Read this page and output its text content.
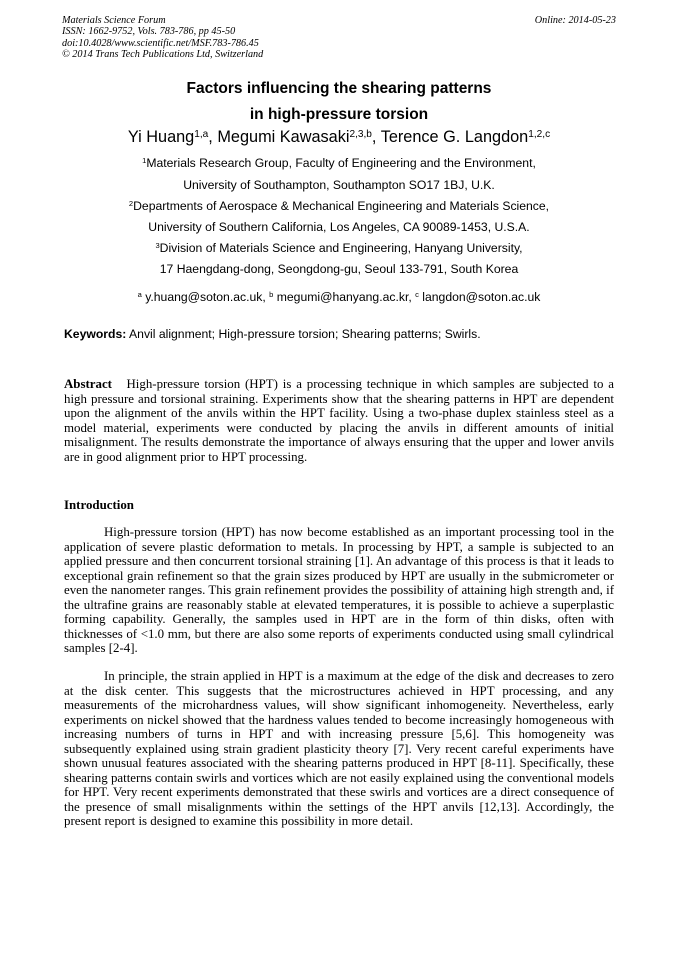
Materials Science Forum
ISSN: 1662-9752, Vols. 783-786, pp 45-50
doi:10.4028/www.scientific.net/MSF.783-786.45
© 2014 Trans Tech Publications Ltd, Switzerland
Online: 2014-05-23
Factors influencing the shearing patterns
in high-pressure torsion
Yi Huang$^{1,a}$, Megumi Kawasaki$^{2,3,b}$, Terence G. Langdon$^{1,2,c}$
$^1$Materials Research Group, Faculty of Engineering and the Environment,
University of Southampton, Southampton SO17 1BJ, U.K.
$^2$Departments of Aerospace & Mechanical Engineering and Materials Science,
University of Southern California, Los Angeles, CA 90089-1453, U.S.A.
$^3$Division of Materials Science and Engineering, Hanyang University,
17 Haengdang-dong, Seongdong-gu, Seoul 133-791, South Korea
$^a$ y.huang@soton.ac.uk, $^b$ megumi@hanyang.ac.kr, $^c$ langdon@soton.ac.uk
Keywords: Anvil alignment; High-pressure torsion; Shearing patterns; Swirls.

Abstract High-pressure torsion (HPT) is a processing technique in which samples are subjected to a high pressure and torsional straining. Experiments show that the shearing patterns in HPT are dependent upon the alignment of the anvils within the HPT facility. Using a two-phase duplex stainless steel as a model material, experiments were conducted by placing the anvils in different amounts of initial misalignment. The results demonstrate the importance of always ensuring that the upper and lower anvils are in good alignment prior to HPT processing.

Introduction

High-pressure torsion (HPT) has now become established as an important processing tool in the application of severe plastic deformation to metals. In processing by HPT, a sample is subjected to an applied pressure and then concurrent torsional straining [1]. An advantage of this process is that it leads to exceptional grain refinement so that the grain sizes produced by HPT are usually in the submicrometer or even the nanometer ranges. This grain refinement provides the possibility of attaining high strength and, if the ultrafine grains are reasonably stable at elevated temperatures, it is possible to achieve a superplastic forming capability. Generally, the samples used in HPT are in the form of thin disks, often with thicknesses of <1.0 mm, but there are also some reports of experiments conducted using small cylindrical samples [2-4].

In principle, the strain applied in HPT is a maximum at the edge of the disk and decreases to zero at the disk center. This suggests that the microstructures achieved in HPT processing, and any measurements of the microhardness values, will show significant inhomogeneity. Nevertheless, early experiments on nickel showed that the hardness values tended to become increasingly homogeneous with increasing numbers of turns in HPT and with increasing pressure [5,6]. This homogeneity was subsequently explained using strain gradient plasticity theory [7]. Very recent careful experiments have shown unusual features associated with the shearing patterns produced in HPT [8-11]. Specifically, these shearing patterns contain swirls and vortices which are not easily explained using the conventional models for HPT. Very recent experiments demonstrated that these swirls and vortices are a direct consequence of the presence of small misalignments within the settings of the HPT anvils [12,13]. Accordingly, the present report is designed to examine this possibility in more detail.
